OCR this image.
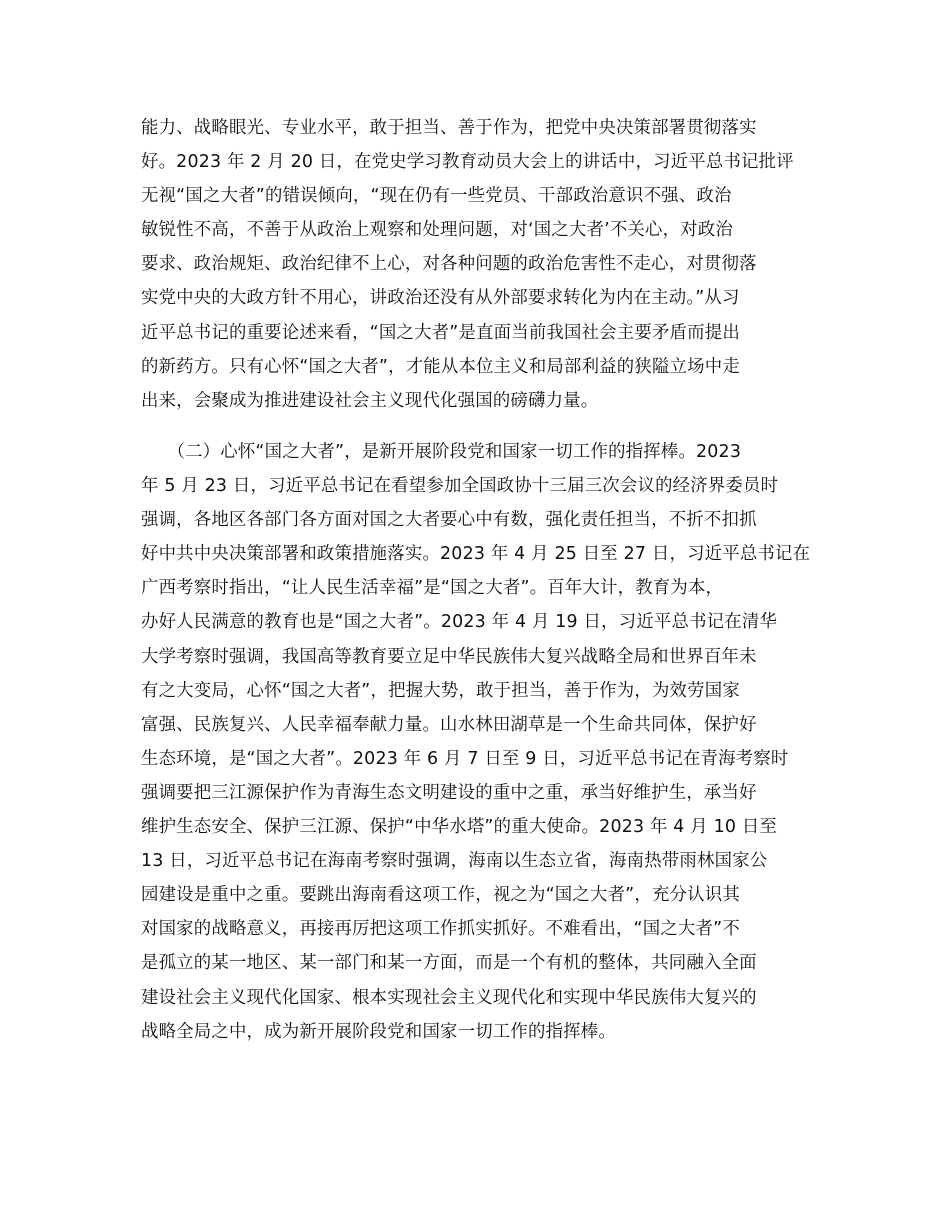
能力、战略眼光、专业水平，敢于担当、善于作为，把党中央决策部署贯彻落实
好。2023 年 2 月 20 日，在党史学习教育动员大会上的讲话中，习近平总书记批评
无视“国之大者”的错误倾向，“现在仍有一些党员、干部政治意识不强、政治
敏锐性不高，不善于从政治上观察和处理问题，对‘国之大者’不关心，对政治
要求、政治规矩、政治纪律不上心，对各种问题的政治危害性不走心，对贯彻落
实党中央的大政方针不用心，讲政治还没有从外部要求转化为内在主动。”从习
近平总书记的重要论述来看，“国之大者”是直面当前我国社会主要矛盾而提出
的新药方。只有心怀“国之大者”，才能从本位主义和局部利益的狭隘立场中走
出来，会聚成为推进建设社会主义现代化强国的磅礴力量。
　　（二）心怀“国之大者”，是新开展阶段党和国家一切工作的指挥棒。2023
年 5 月 23 日，习近平总书记在看望参加全国政协十三届三次会议的经济界委员时
强调，各地区各部门各方面对国之大者要心中有数，强化责任担当，不折不扣抓
好中共中央决策部署和政策措施落实。2023 年 4 月 25 日至 27 日，习近平总书记在
广西考察时指出，“让人民生活幸福”是“国之大者”。百年大计，教育为本，
办好人民满意的教育也是“国之大者”。2023 年 4 月 19 日，习近平总书记在清华
大学考察时强调，我国高等教育要立足中华民族伟大复兴战略全局和世界百年未
有之大变局，心怀“国之大者”，把握大势，敢于担当，善于作为，为效劳国家
富强、民族复兴、人民幸福奉献力量。山水林田湖草是一个生命共同体，保护好
生态环境，是“国之大者”。2023 年 6 月 7 日至 9 日，习近平总书记在青海考察时
强调要把三江源保护作为青海生态文明建设的重中之重，承当好维护生，承当好
维护生态安全、保护三江源、保护“中华水塔”的重大使命。2023 年 4 月 10 日至
13 日，习近平总书记在海南考察时强调，海南以生态立省，海南热带雨林国家公
园建设是重中之重。要跳出海南看这项工作，视之为“国之大者”，充分认识其
对国家的战略意义，再接再厉把这项工作抓实抓好。不难看出，“国之大者”不
是孤立的某一地区、某一部门和某一方面，而是一个有机的整体，共同融入全面
建设社会主义现代化国家、根本实现社会主义现代化和实现中华民族伟大复兴的
战略全局之中，成为新开展阶段党和国家一切工作的指挥棒。
